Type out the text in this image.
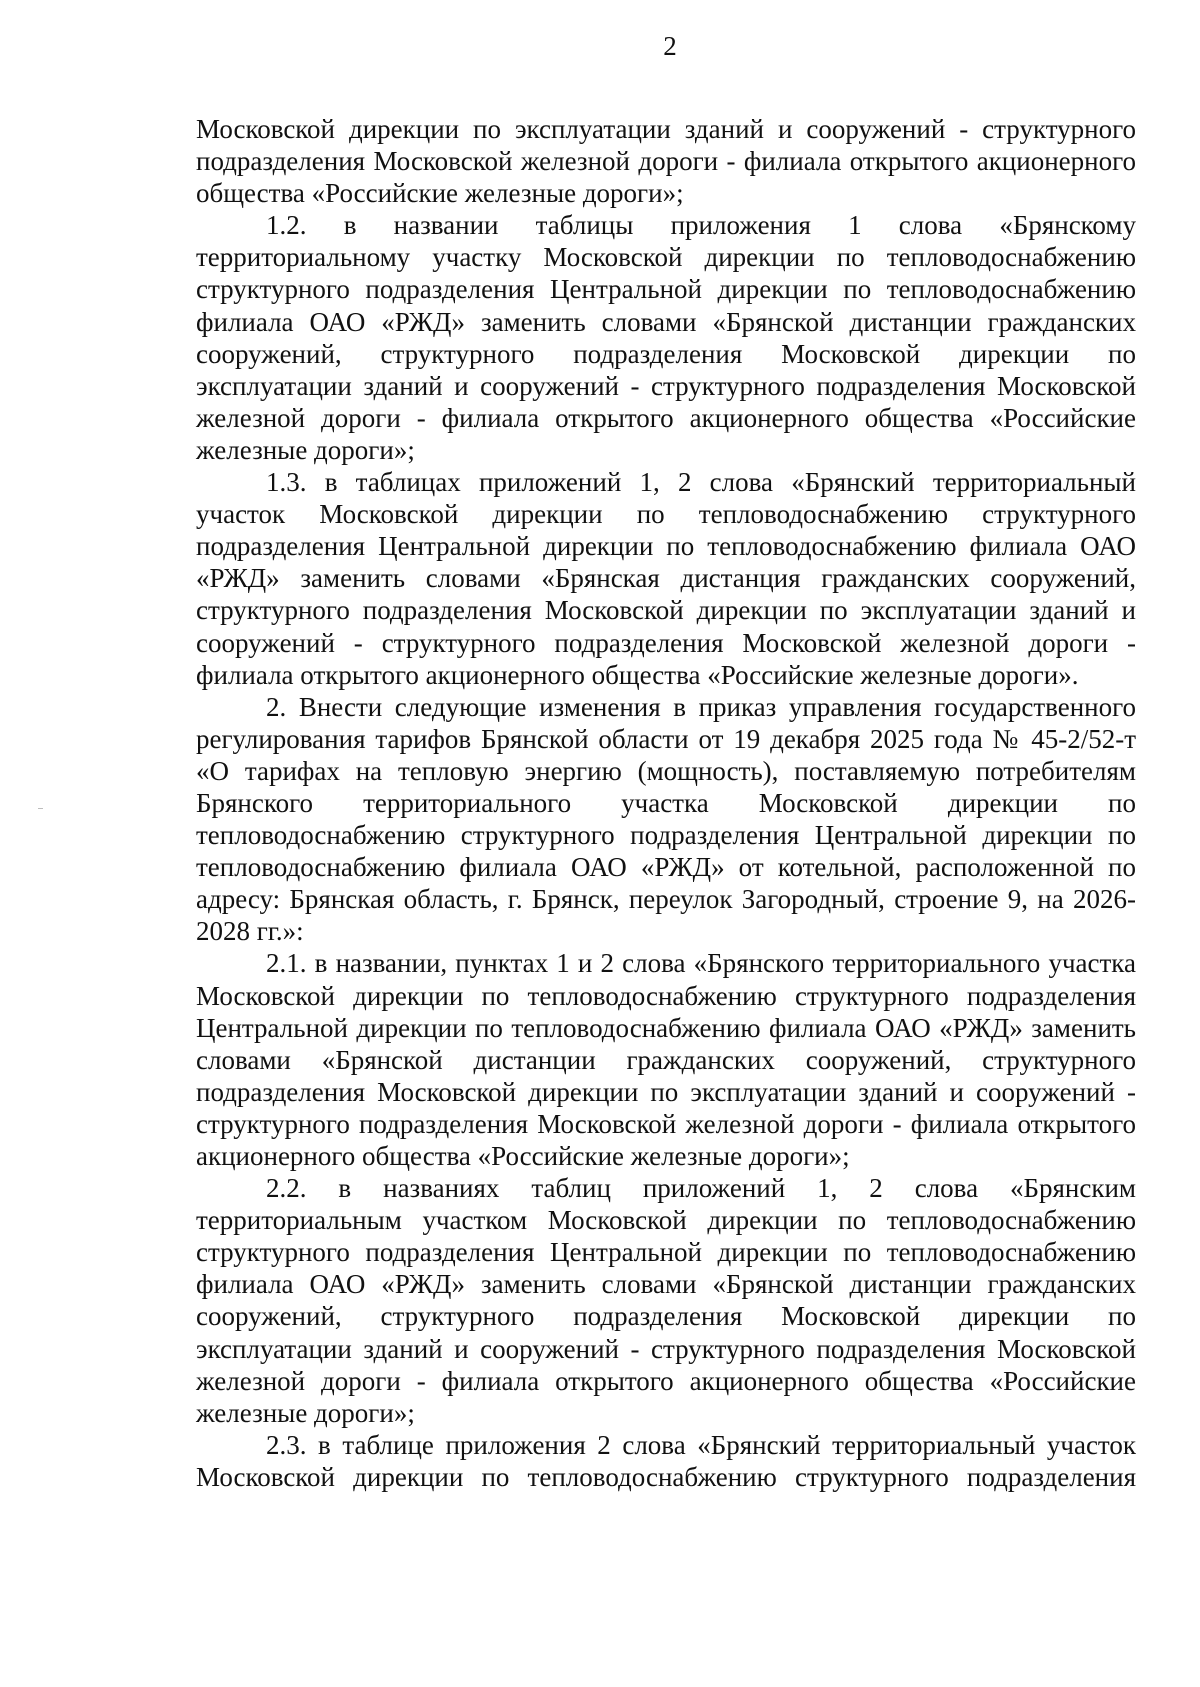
2

Московской дирекции по эксплуатации зданий и сооружений - структурного подразделения Московской железной дороги - филиала открытого акционерного общества «Российские железные дороги»;

1.2. в названии таблицы приложения 1 слова «Брянскому территориальному участку Московской дирекции по тепловодоснабжению структурного подразделения Центральной дирекции по тепловодоснабжению филиала ОАО «РЖД» заменить словами «Брянской дистанции гражданских сооружений, структурного подразделения Московской дирекции по эксплуатации зданий и сооружений - структурного подразделения Московской железной дороги - филиала открытого акционерного общества «Российские железные дороги»;

1.3. в таблицах приложений 1, 2 слова «Брянский территориальный участок Московской дирекции по тепловодоснабжению структурного подразделения Центральной дирекции по тепловодоснабжению филиала ОАО «РЖД» заменить словами «Брянская дистанция гражданских сооружений, структурного подразделения Московской дирекции по эксплуатации зданий и сооружений - структурного подразделения Московской железной дороги - филиала открытого акционерного общества «Российские железные дороги».

2. Внести следующие изменения в приказ управления государственного регулирования тарифов Брянской области от 19 декабря 2025 года № 45-2/52-т «О тарифах на тепловую энергию (мощность), поставляемую потребителям Брянского территориального участка Московской дирекции по тепловодоснабжению структурного подразделения Центральной дирекции по тепловодоснабжению филиала ОАО «РЖД» от котельной, расположенной по адресу: Брянская область, г. Брянск, переулок Загородный, строение 9, на 2026-2028 гг.»:

2.1. в названии, пунктах 1 и 2 слова «Брянского территориального участка Московской дирекции по тепловодоснабжению структурного подразделения Центральной дирекции по тепловодоснабжению филиала ОАО «РЖД» заменить словами «Брянской дистанции гражданских сооружений, структурного подразделения Московской дирекции по эксплуатации зданий и сооружений - структурного подразделения Московской железной дороги - филиала открытого акционерного общества «Российские железные дороги»;

2.2. в названиях таблиц приложений 1, 2 слова «Брянским территориальным участком Московской дирекции по тепловодоснабжению структурного подразделения Центральной дирекции по тепловодоснабжению филиала ОАО «РЖД» заменить словами «Брянской дистанции гражданских сооружений, структурного подразделения Московской дирекции по эксплуатации зданий и сооружений - структурного подразделения Московской железной дороги - филиала открытого акционерного общества «Российские железные дороги»;

2.3. в таблице приложения 2 слова «Брянский территориальный участок Московской дирекции по тепловодоснабжению структурного подразделения
